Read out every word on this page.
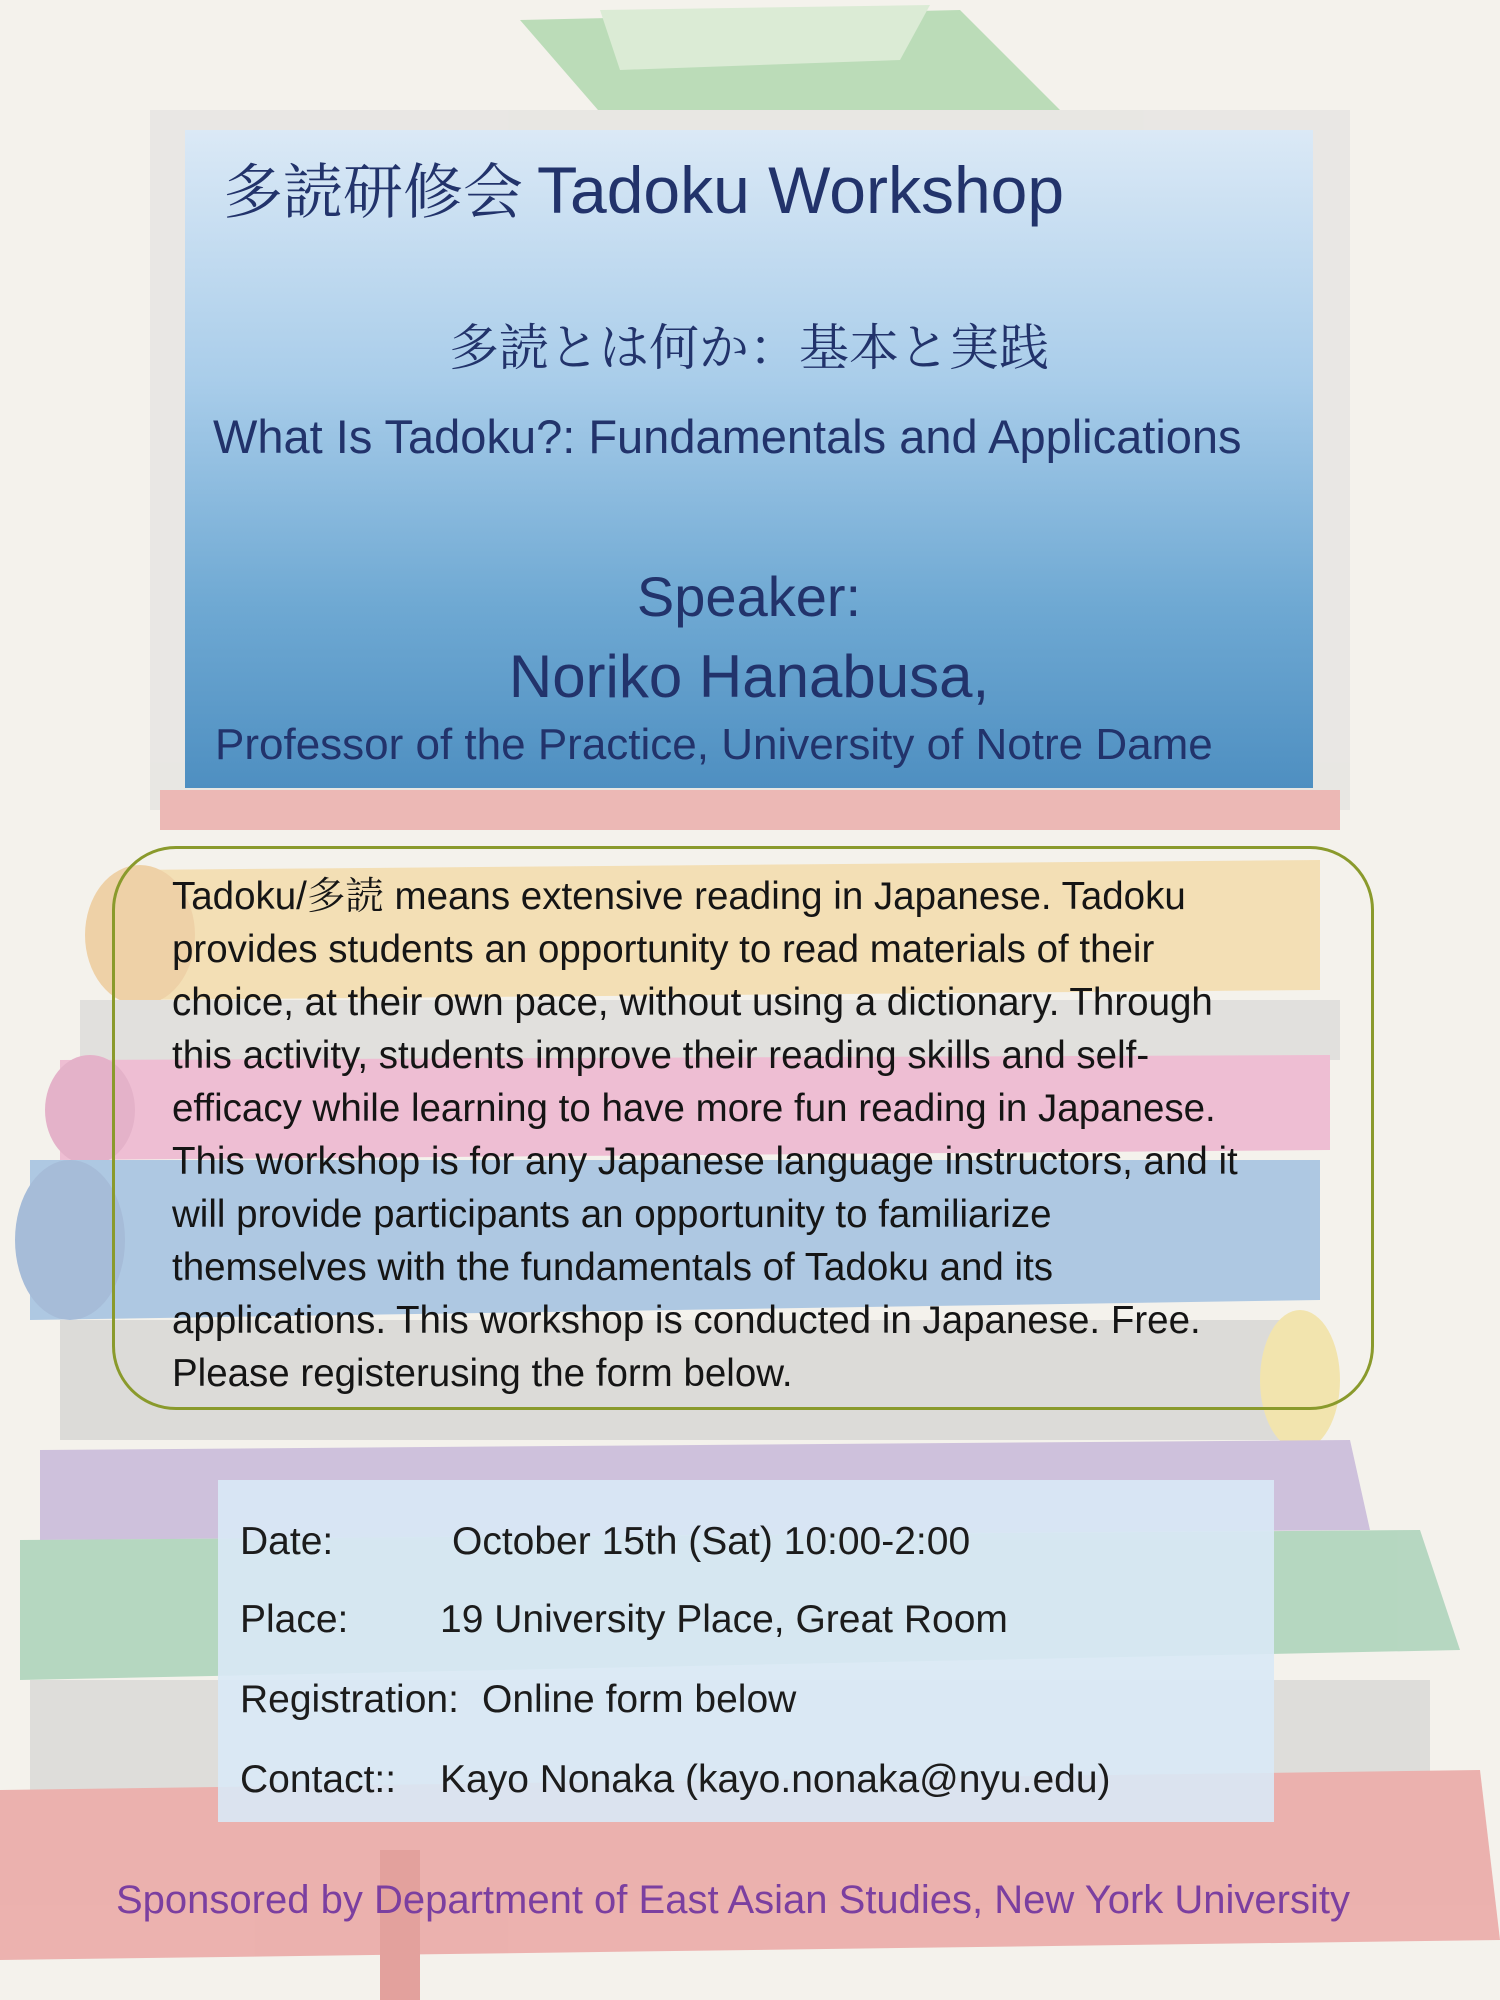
多読研修会 Tadoku Workshop
多読とは何か：基本と実践
What Is Tadoku?: Fundamentals and Applications
Speaker:
Noriko Hanabusa,
Professor of the Practice, University of Notre Dame
Tadoku/多読 means extensive reading in Japanese. Tadoku
provides students an opportunity to read materials of their
choice, at their own pace, without using a dictionary. Through
this activity, students improve their reading skills and self-
efficacy while learning to have more fun reading in Japanese.
This workshop is for any Japanese language instructors, and it
will provide participants an opportunity to familiarize
themselves with the fundamentals of Tadoku and its
applications. This workshop is conducted in Japanese. Free.
Please registerusing the form below.
Date:	October 15th (Sat) 10:00-2:00
Place: 19 University Place, Great Room
Registration: Online form below
Contact:: Kayo Nonaka (kayo.nonaka@nyu.edu)
Sponsored by Department of East Asian Studies, New York University
